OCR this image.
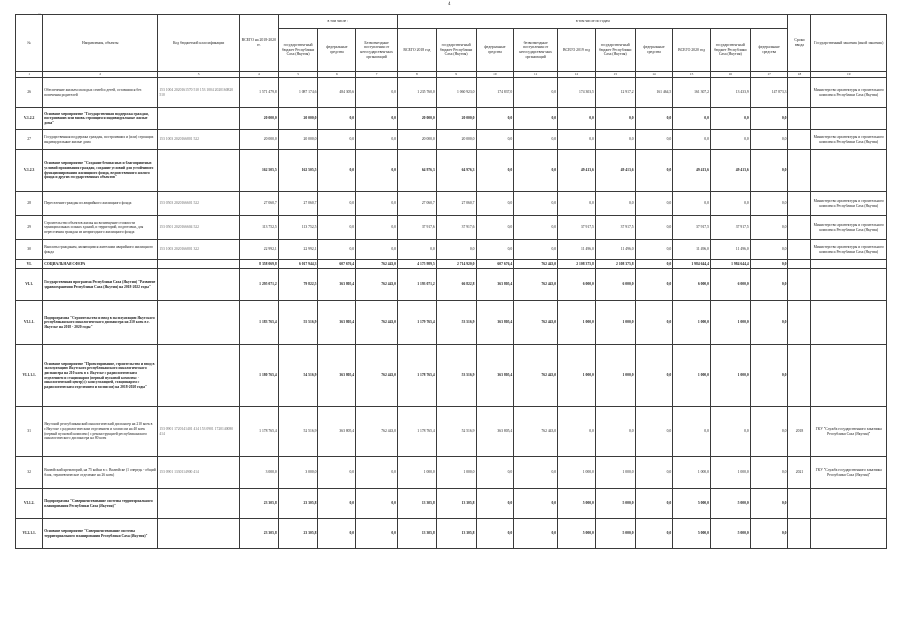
4
...
№	Направления, объекты	Код бюджетной классификации	ВСЕГО на 2018-2020 гг.	в том числе :			в том числе по годам										Сроки ввода	Государственный заказчик (иной заказчик)
				государствен-ный бюджет Республики Саха (Якутия)	федеральные средства	Безвозмездные поступления от негосударствен-ных организаций	ВСЕГО 2018 год	государствен-ный бюджет Республики Саха (Якутия)	федеральные средства	безвозмездные поступления от негосударствен-ных организаций	ВСЕГО 2019 год	государствен-ный бюджет Республики Саха (Якутия)	федеральные средства	ВСЕГО 2020 год	государствен-ный бюджет Республики Саха (Якутия)	федеральные средства		
1	2	3	4	5	6	7	8	9	10	11	12	13	14	15	16	17	18	19
26	Обеспечение жильем молодых семей и детей, оставшихся без попечения родителей	153 1004 2020161570 510 153 1004 2020160820 510	1 571 479,8	1 087 174,6	484 305,6	0,0	1 235 760,0	1 060 923,0	174 837,0	0,0	174 303,5	12 917,2	161 464,5	161 307,2	13 433,9	147 873,3		Министерство архитектуры и строительного комплекса Республики Саха (Якутия)
V.1.2.2	Основное мероприятие "Государственная поддержка граждан, построивших или вновь строящихся индивидуальные жилые дома"		20 000,0	20 000,0	0,0	0,0	20 000,0	20 000,0	0,0	0,0	0,0	0,0	0,0	0,0	0,0	0,0		
27	Государственная поддержка граждан, построивших и (или) строящих индивидуальные жилые дома	153 1003 2020166801 522	20 000,0	20 000,0	0,0	0,0	20 000,0	20 000,0	0,0	0,0	0,0	0,0	0,0	0,0	0,0	0,0		Министерство архитектуры и строительного комплекса Республики Саха (Якутия)
V.1.2.3	Основное мероприятие "Создание безопасных и благоприятных условий проживания граждан, создание условий для устойчивого функционирования жилищного фонда, ведомственного жилого фонда и других государственных объектов"		162 505,5	162 505,5	0,0	0,0	64 976,3	64 976,3	0,0	0,0	49 413,6	49 413,6	0,0	49 413,6	49 413,6	0,0		
28	Переселение граждан из аварийного жилищного фонда	153 0503 2020166601 522	27 060,7	27 060,7	0,0	0,0	27 060,7	27 060,7	0,0	0,0	0,0	0,0	0,0	0,0	0,0	0,0		Министерство архитектуры и строительного комплекса Республики Саха (Якутия)
29	Строительство объектов жилья на возмещение стоимости муниципальных и иных зданий, и территорий, подготовки, для переселения граждан из непригодного жилищного фонда	153 0501 2020166604 522	113 752,5	113 752,5	0,0	0,0	37 917,6	37 917,6	0,0	0,0	37 917,5	37 917,5	0,0	37 917,5	37 917,5	0,0		Министерство архитектуры и строительного комплекса Республики Саха (Якутия)
30	Выплаты гражданам, являющимся жителями аварийного жилищного фонда	153 1003 2020166801 322	22 992,1	22 992,1	0,0	0,0	0,0	0,0	0,0	0,0	11 496,0	11 496,0	0,0	11 496,0	11 496,0	0,0		Министерство архитектуры и строительного комплекса Республики Саха (Якутия)
VI.	СОЦИАЛЬНАЯ СФЕРА		8 358 069,8	6 017 944,3	607 676,4	762 443,0	4 175 989,5	2 714 920,0	607 676,4	762 443,0	2 108 375,8	2 108 375,8	0,0	1 984 644,4	1 984 644,4	0,0		
VI.1.	Государственная программа Республики Саха (Якутия) "Развитие здравоохранения Республики Саха (Якутия) на 2018-2022 годы"		1 295 071,2	79 822,5	363 805,4	762 443,0	1 193 071,2	66 822,8	363 805,4	762 443,0	6 000,0	6 000,0	0,0	6 000,0	6 000,0	0,0		
VI.1.1.	Подпрограмма "Строительство и ввод в эксплуатацию Якутского республиканского онкологического диспансера на 210 коек в г. Якутске на 2018 - 2020 годы"		1 183 765,4	55 516,9	363 805,4	762 443,0	1 179 765,4	53 516,9	363 805,4	762 443,0	1 000,0	1 000,0	0,0	1 000,0	1 000,0	0,0		
VI.1.1.1.	Основное мероприятие "Проектирование, строительство и ввод в эксплуатацию Якутского республиканского онкологического диспансера на 210 коек в г. Якутске с радиологическим отделением и стационаром (первый пусковой комплекс - онкологический центр) (с консультацией, стационаром с радиологическим отделением и хосписом) на 2018-2020 годы"		1 180 765,4	54 516,9	363 805,4	762 443,0	1 178 765,4	53 516,9	363 805,4	762 443,0	1 000,0	1 000,0	0,0	1 000,0	1 000,0	0,0		
31	Якутский республиканский онкологический диспансер на 210 коек в г.Якутске с радиологическим отделением и хосписом на 40 коек (первый пусковой комплекс) с реконструкцией республиканского онкологического диспансера на 80 коек	153 0901 1720141401 414 153 0901 1720140080 414	1 178 765,4	52 516,9	363 805,4	762 443,0	1 178 765,4	52 516,9	363 805,4	762 443,0	0,0	0,0	0,0	0,0	0,0	0,0	2018	ГКУ "Служба государственного заказчика Республики Саха (Якутия)"
32	Вилюйский крематорий, на 75 койки в с. Вилюйске (1 очередь - общий блок, терапевтическое отделение на 26 коек)	153 0901 1330114900 414	3 000,0	3 000,0	0,0	0,0	1 000,0	1 000,0	0,0	0,0	1 000,0	1 000,0	0,0	1 000,0	1 000,0	0,0	2021	ГКУ "Служба государственного заказчика Республики Саха (Якутия)"
VI.1.2.	Подпрограмма "Совершенствование системы территориального планирования Республики Саха (Якутия)"		23 305,8	23 305,8	0,0	0,0	13 305,8	13 305,8	0,0	0,0	5 000,0	5 000,0	0,0	5 000,0	5 000,0	0,0		
VI.2.1.1.	Основное мероприятие "Совершенствование системы территориального планирования Республики Саха (Якутия)"		23 305,8	23 305,8	0,0	0,0	13 305,8	13 305,8	0,0	0,0	5 000,0	5 000,0	0,0	5 000,0	5 000,0	0,0		
